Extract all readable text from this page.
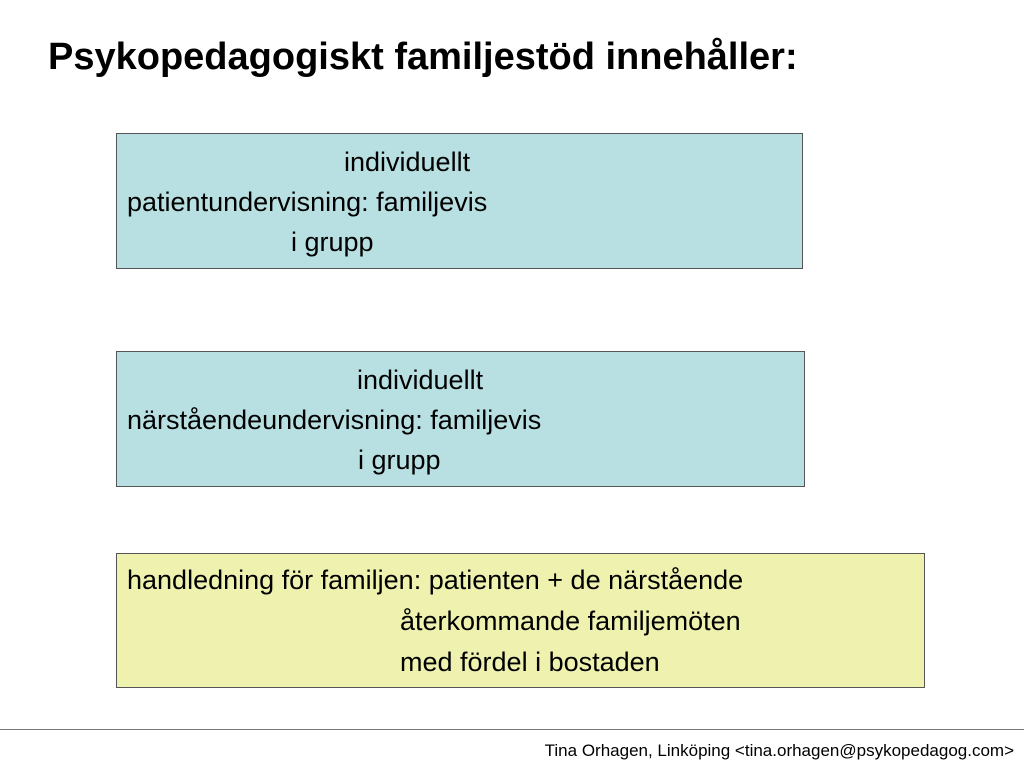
Psykopedagogiskt familjestöd innehåller:
individuellt
patientundervisning: familjevis
i grupp
individuellt
närståendeundervisning: familjevis
i grupp
handledning för familjen: patienten + de närstående
återkommande familjemöten
med fördel i bostaden
Tina Orhagen, Linköping <tina.orhagen@psykopedagog.com>
